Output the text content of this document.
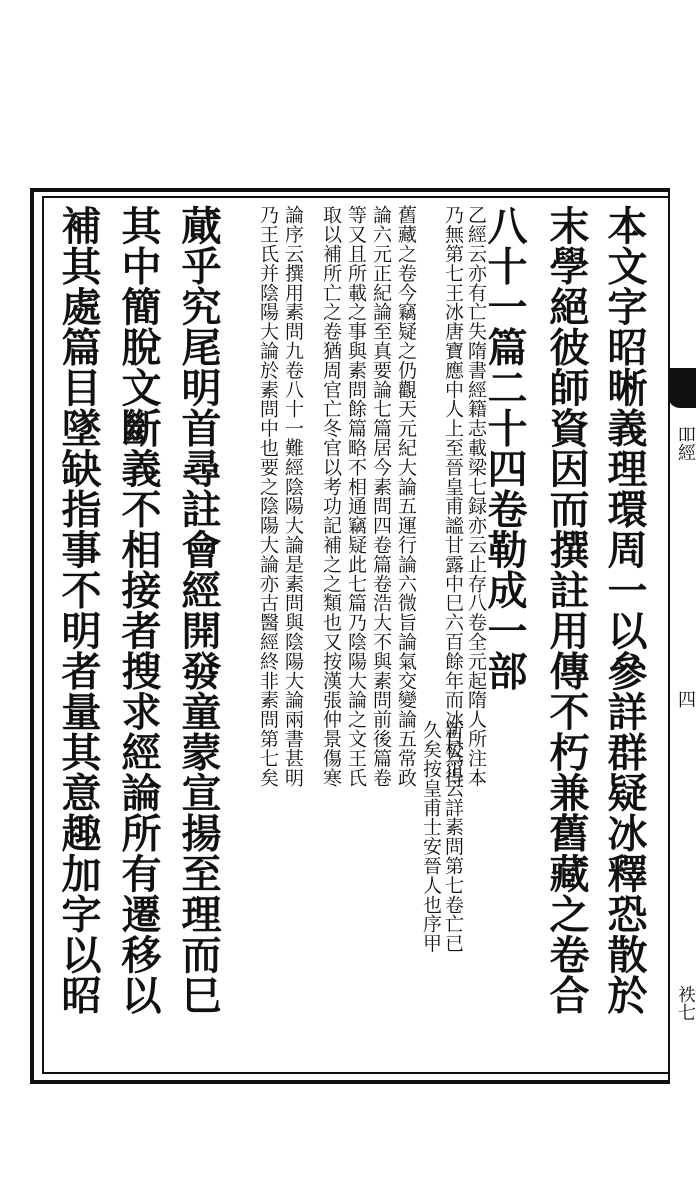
吅經
四
袟七
本文字昭晰義理環周一以參詳群疑冰釋恐散於
末學絕彼師資因而撰註用傳不朽兼舊藏之卷合
八十一篇二十四卷勒成一部
新校正云詳素問第七卷亡已
久矣按皇甫士安晉人也序甲
乙經云亦有亡失隋書經籍志載梁七録亦云止存八卷全元起隋人所注本
乃無第七王冰唐寶應中人上至晉皇甫謐甘露中巳六百餘年而冰自為得
舊藏之卷今竊疑之仍觀天元紀大論五運行論六微旨論氣交變論五常政
論六元正紀論至真要論七篇居今素問四卷篇卷浩大不與素問前後篇卷
等又且所載之事與素問餘篇略不相通竊疑此七篇乃陰陽大論之文王氏
取以補所亡之卷猶周官亡冬官以考功記補之之類也又按漢張仲景傷寒
論序云撰用素問九卷八十一難經陰陽大論是素問與陰陽大論兩書甚明
乃王氏并陰陽大論於素問中也要之陰陽大論亦古醫經終非素問第七矣
蕆乎究尾明首尋註會經開發童蒙宣揚至理而巳
其中簡脫文斷義不相接者搜求經論所有遷移以
補其處篇目墜缺指事不明者量其意趣加字以昭
